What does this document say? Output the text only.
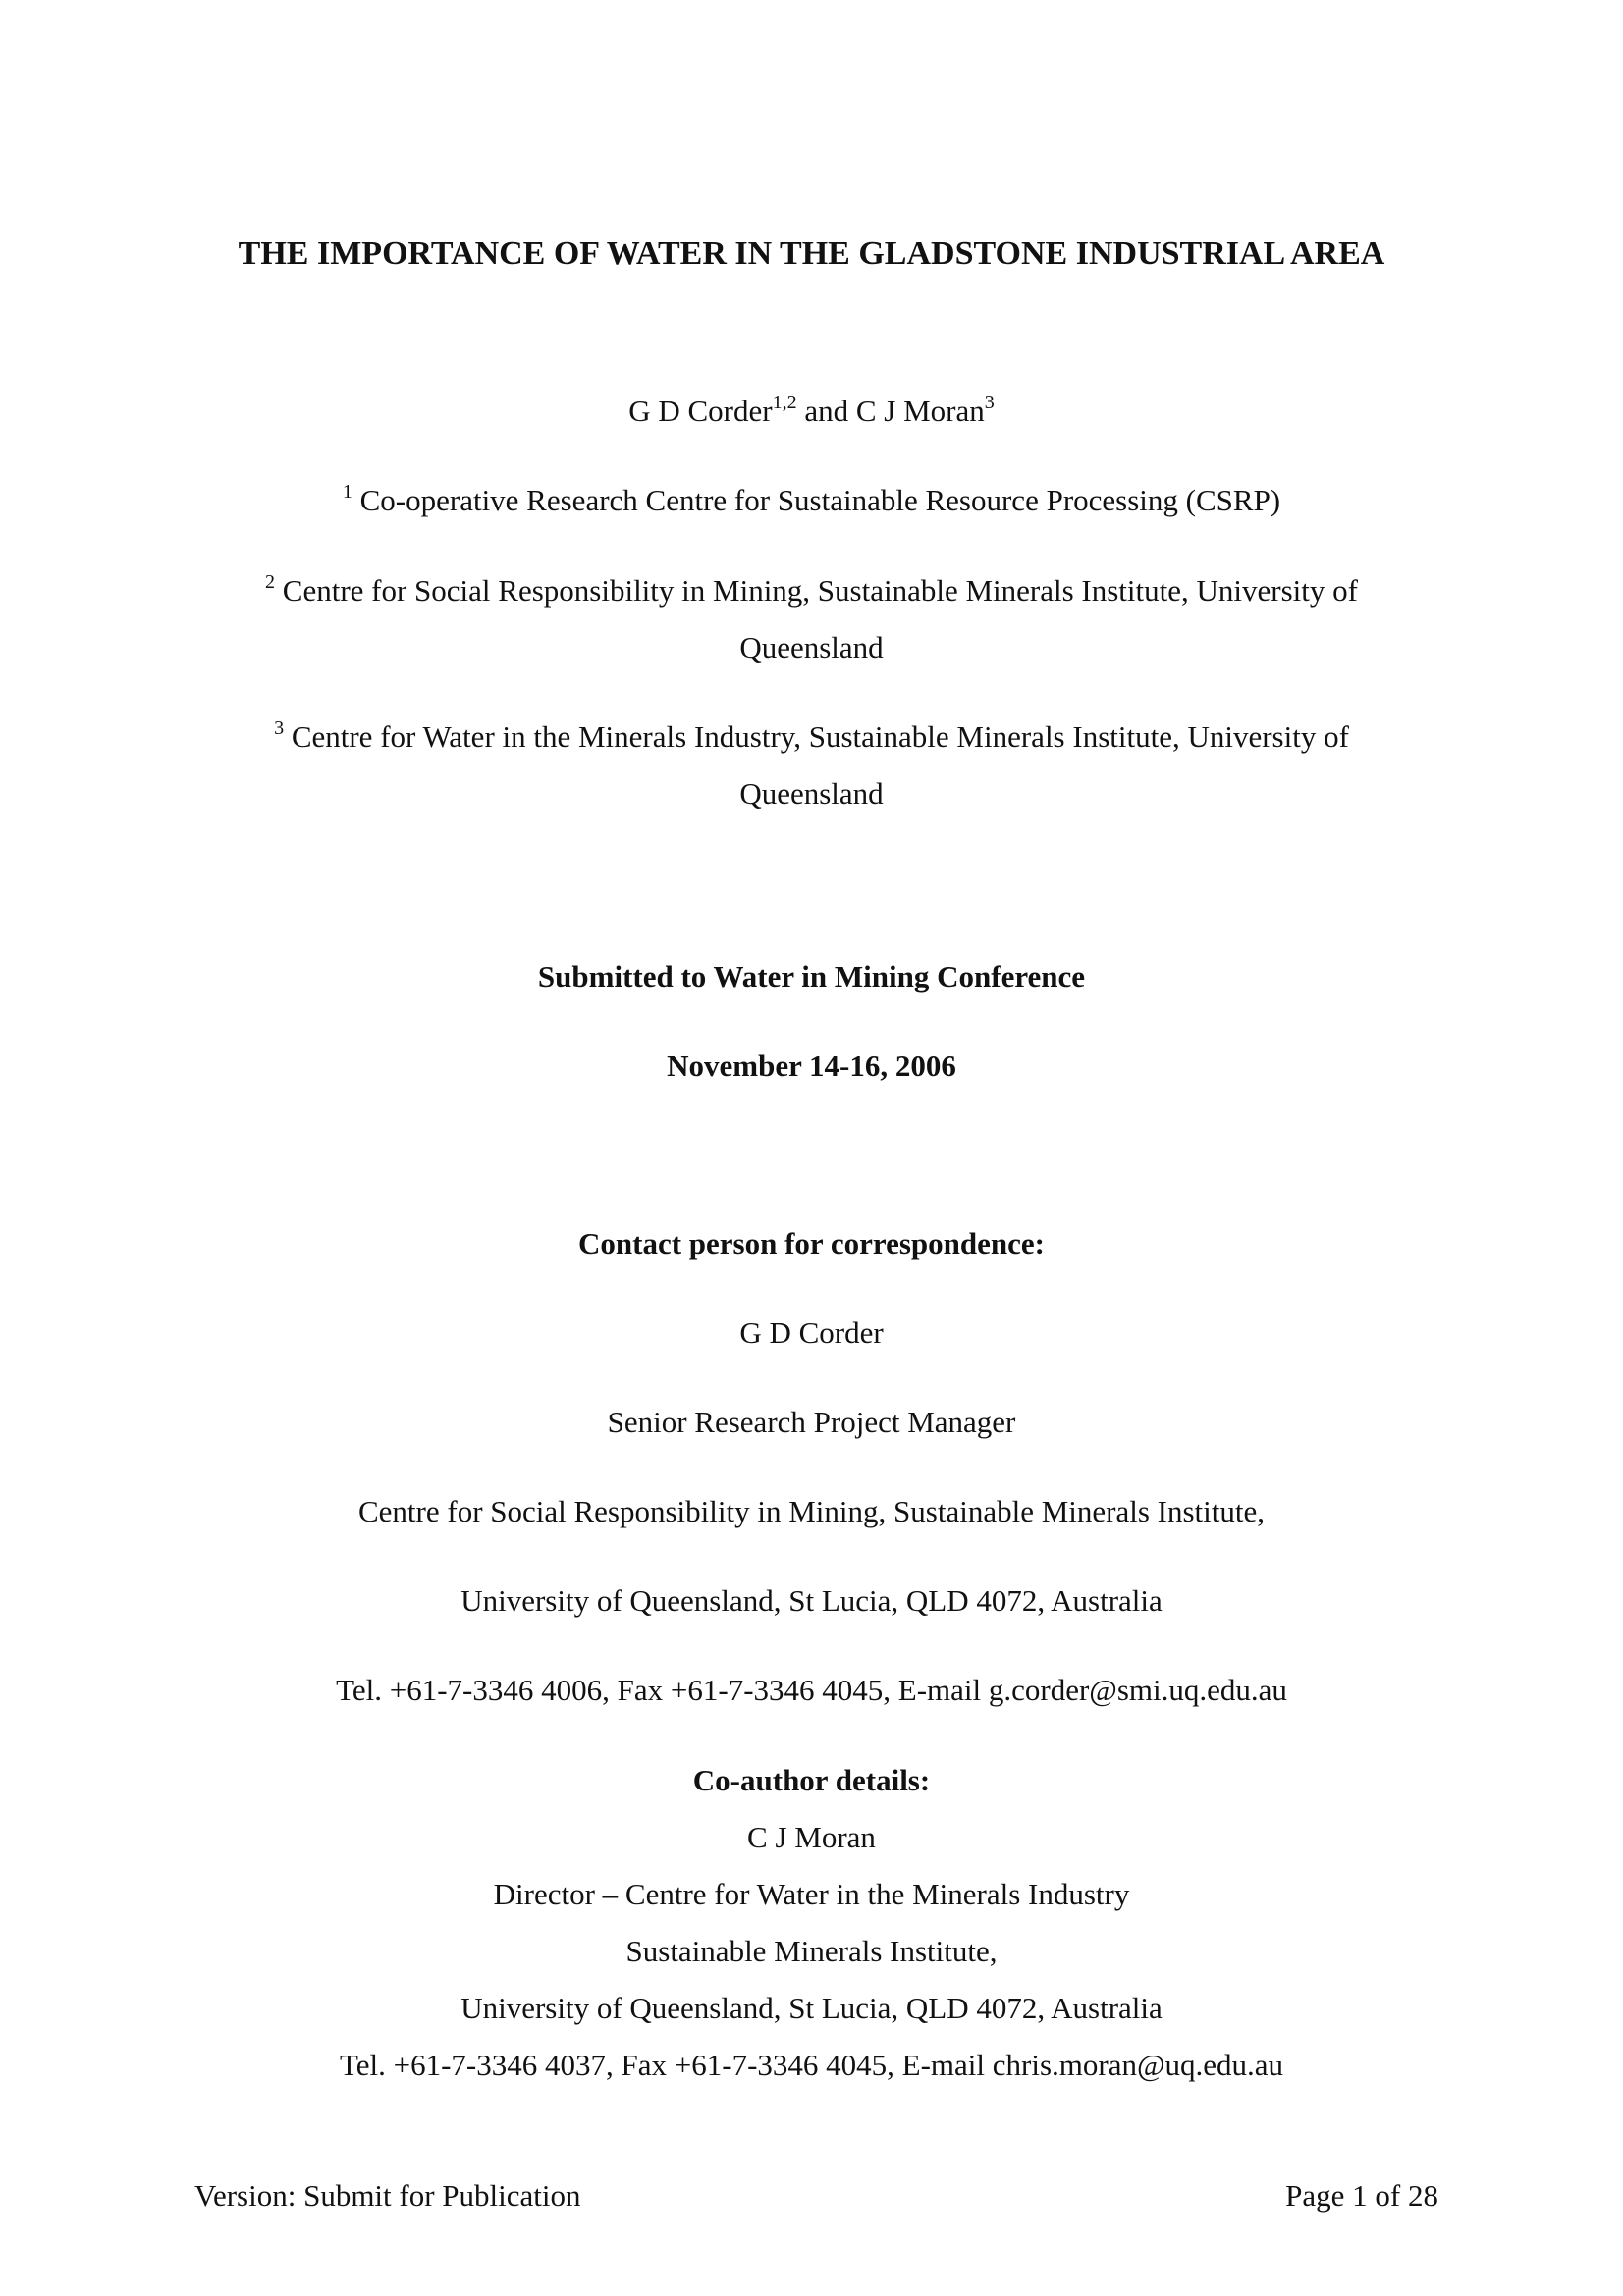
THE IMPORTANCE OF WATER IN THE GLADSTONE INDUSTRIAL AREA
G D Corder$^{1,2}$ and C J Moran$^3$
$^1$ Co-operative Research Centre for Sustainable Resource Processing (CSRP)
$^2$ Centre for Social Responsibility in Mining, Sustainable Minerals Institute, University of Queensland
$^3$ Centre for Water in the Minerals Industry, Sustainable Minerals Institute, University of Queensland
Submitted to Water in Mining Conference
November 14-16, 2006
Contact person for correspondence:
G D Corder
Senior Research Project Manager
Centre for Social Responsibility in Mining, Sustainable Minerals Institute,
University of Queensland, St Lucia, QLD 4072, Australia
Tel. +61-7-3346 4006, Fax +61-7-3346 4045, E-mail g.corder@smi.uq.edu.au
Co-author details:
C J Moran
Director – Centre for Water in the Minerals Industry
Sustainable Minerals Institute,
University of Queensland, St Lucia, QLD 4072, Australia
Tel. +61-7-3346 4037, Fax +61-7-3346 4045, E-mail chris.moran@uq.edu.au
Version: Submit for Publication	Page 1 of 28
